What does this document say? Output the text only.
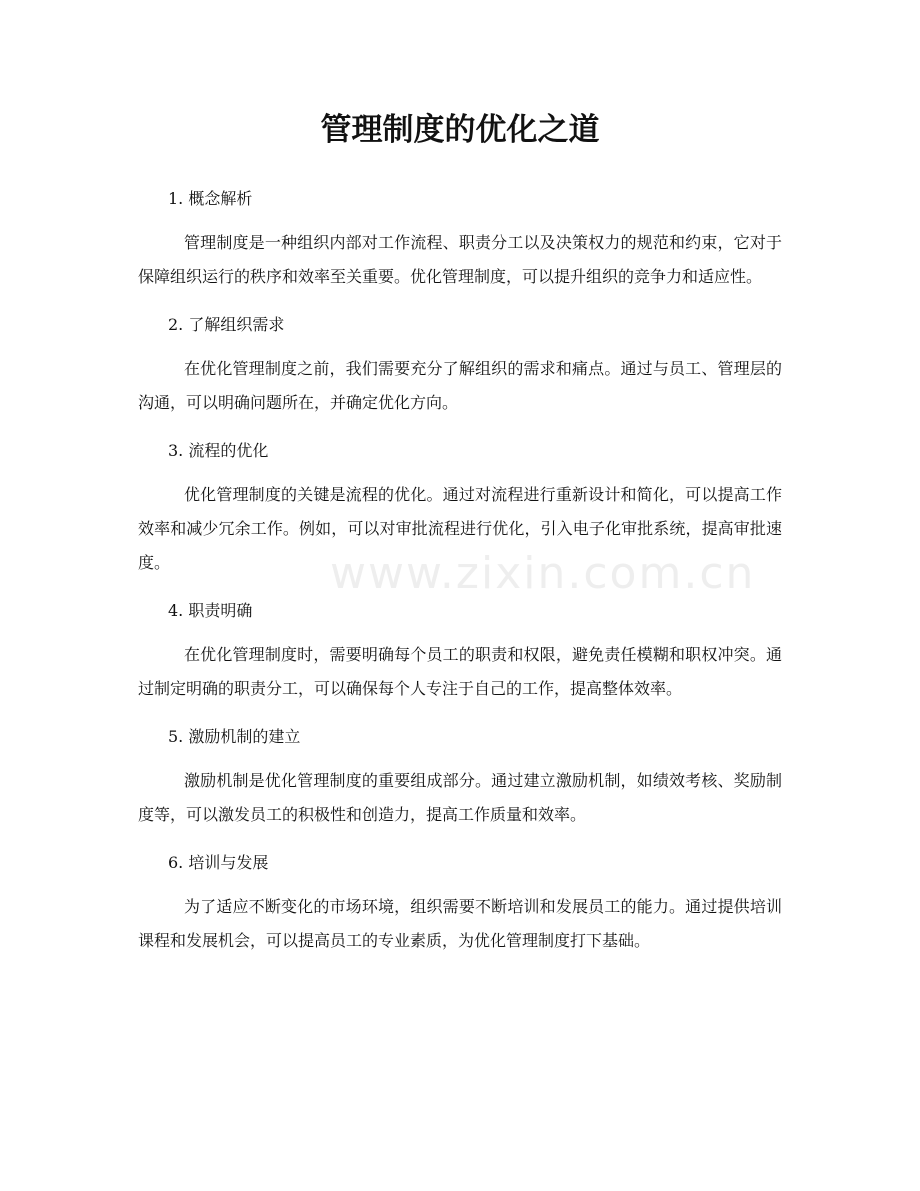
管理制度的优化之道

1. 概念解析

管理制度是一种组织内部对工作流程、职责分工以及决策权力的规范和约束，它对于保障组织运行的秩序和效率至关重要。优化管理制度，可以提升组织的竞争力和适应性。

2. 了解组织需求

在优化管理制度之前，我们需要充分了解组织的需求和痛点。通过与员工、管理层的沟通，可以明确问题所在，并确定优化方向。

3. 流程的优化

优化管理制度的关键是流程的优化。通过对流程进行重新设计和简化，可以提高工作效率和减少冗余工作。例如，可以对审批流程进行优化，引入电子化审批系统，提高审批速度。

4. 职责明确

在优化管理制度时，需要明确每个员工的职责和权限，避免责任模糊和职权冲突。通过制定明确的职责分工，可以确保每个人专注于自己的工作，提高整体效率。

5. 激励机制的建立

激励机制是优化管理制度的重要组成部分。通过建立激励机制，如绩效考核、奖励制度等，可以激发员工的积极性和创造力，提高工作质量和效率。

6. 培训与发展

为了适应不断变化的市场环境，组织需要不断培训和发展员工的能力。通过提供培训课程和发展机会，可以提高员工的专业素质，为优化管理制度打下基础。

www.zixin.com.cn
